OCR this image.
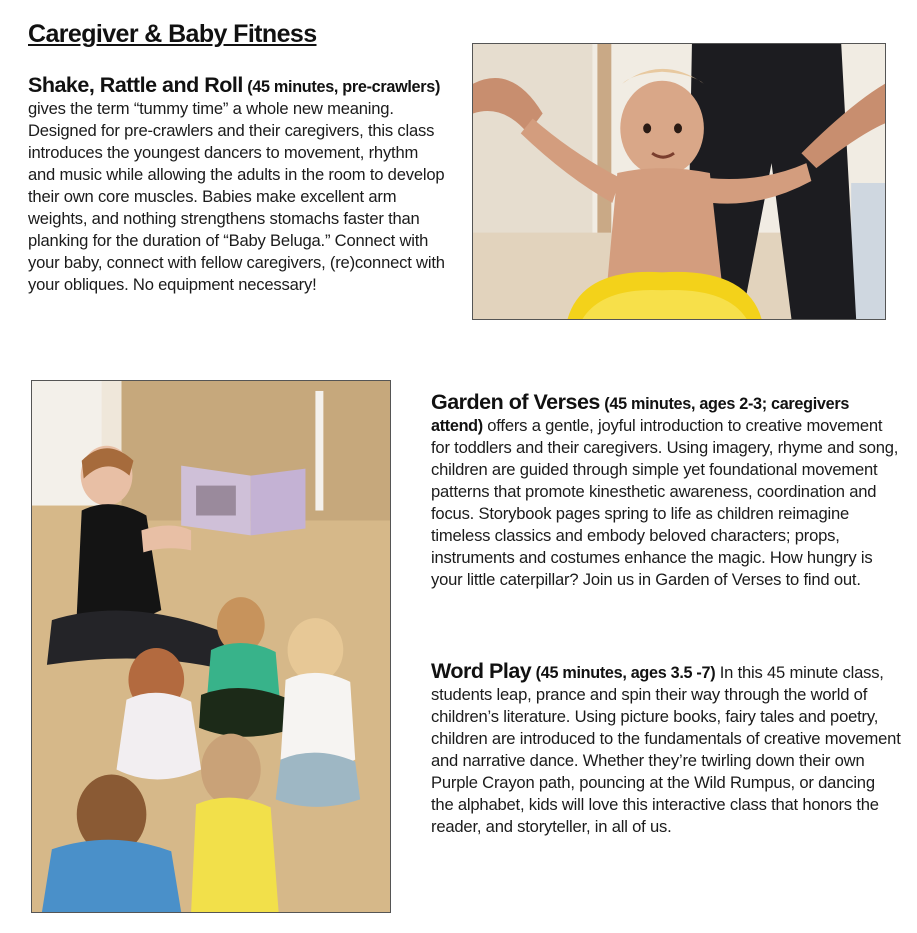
Caregiver & Baby Fitness

Shake, Rattle and Roll (45 minutes, pre-crawlers) gives the term “tummy time” a whole new meaning. Designed for pre-crawlers and their caregivers, this class introduces the youngest dancers to movement, rhythm and music while allowing the adults in the room to develop their own core muscles. Babies make excellent arm weights, and nothing strengthens stomachs faster than planking for the duration of “Baby Beluga.” Connect with your baby, connect with fellow caregivers, (re)connect with your obliques. No equipment necessary!

Garden of Verses (45 minutes, ages 2-3; caregivers attend) offers a gentle, joyful introduction to creative movement for toddlers and their caregivers. Using imagery, rhyme and song, children are guided through simple yet foundational movement patterns that promote kinesthetic awareness, coordination and focus. Storybook pages spring to life as children reimagine timeless classics and embody beloved characters; props, instruments and costumes enhance the magic. How hungry is your little caterpillar? Join us in Garden of Verses to find out.

Word Play (45 minutes, ages 3.5 -7) In this 45 minute class, students leap, prance and spin their way through the world of children’s literature. Using picture books, fairy tales and poetry, children are introduced to the fundamentals of creative movement and narrative dance. Whether they’re twirling down their own Purple Crayon path, pouncing at the Wild Rumpus, or dancing the alphabet, kids will love this interactive class that honors the reader, and storyteller, in all of us.
